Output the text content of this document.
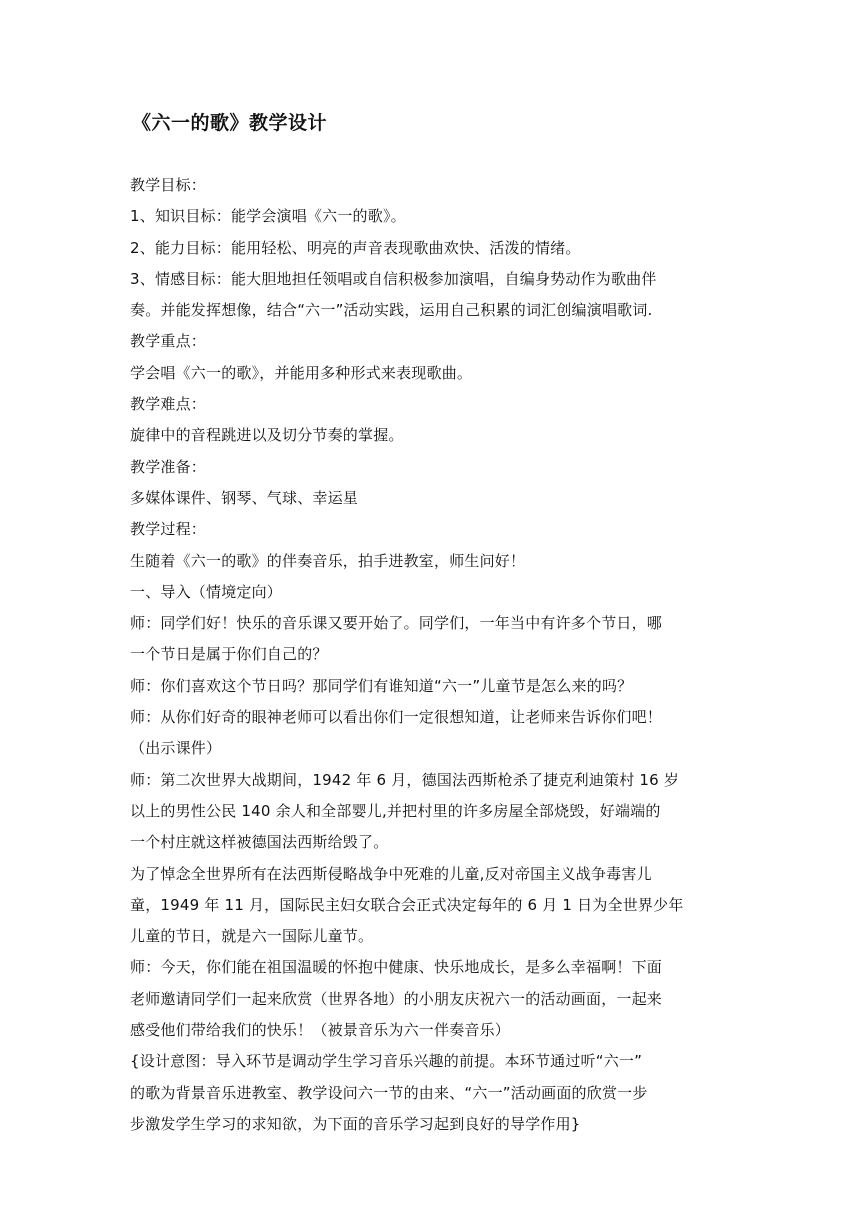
《六一的歌》教学设计
教学目标：
1、知识目标：能学会演唱《六一的歌》。
2、能力目标：能用轻松、明亮的声音表现歌曲欢快、活泼的情绪。
3、情感目标：能大胆地担任领唱或自信积极参加演唱，自编身势动作为歌曲伴
奏。并能发挥想像，结合“六一”活动实践，运用自己积累的词汇创编演唱歌词.
教学重点：
学会唱《六一的歌》，并能用多种形式来表现歌曲。
教学难点：
旋律中的音程跳进以及切分节奏的掌握。
教学准备：
多媒体课件、钢琴、气球、幸运星
教学过程：
生随着《六一的歌》的伴奏音乐，拍手进教室，师生问好！
一、导入（情境定向）
师：同学们好！快乐的音乐课又要开始了。同学们，一年当中有许多个节日，哪
一个节日是属于你们自己的？
师：你们喜欢这个节日吗？那同学们有谁知道“六一”儿童节是怎么来的吗？
师：从你们好奇的眼神老师可以看出你们一定很想知道，让老师来告诉你们吧！
（出示课件）
师：第二次世界大战期间，1942 年 6 月，德国法西斯枪杀了捷克利迪策村 16 岁
以上的男性公民 140 余人和全部婴儿,并把村里的许多房屋全部烧毁，好端端的
一个村庄就这样被德国法西斯给毁了。
为了悼念全世界所有在法西斯侵略战争中死难的儿童,反对帝国主义战争毒害儿
童，1949 年 11 月，国际民主妇女联合会正式决定每年的 6 月 1 日为全世界少年
儿童的节日，就是六一国际儿童节。
师：今天，你们能在祖国温暖的怀抱中健康、快乐地成长，是多么幸福啊！下面
老师邀请同学们一起来欣赏（世界各地）的小朋友庆祝六一的活动画面，一起来
感受他们带给我们的快乐！（被景音乐为六一伴奏音乐）
{设计意图：导入环节是调动学生学习音乐兴趣的前提。本环节通过听“六一”
的歌为背景音乐进教室、教学设问六一节的由来、“六一”活动画面的欣赏一步
步激发学生学习的求知欲，为下面的音乐学习起到良好的导学作用}
